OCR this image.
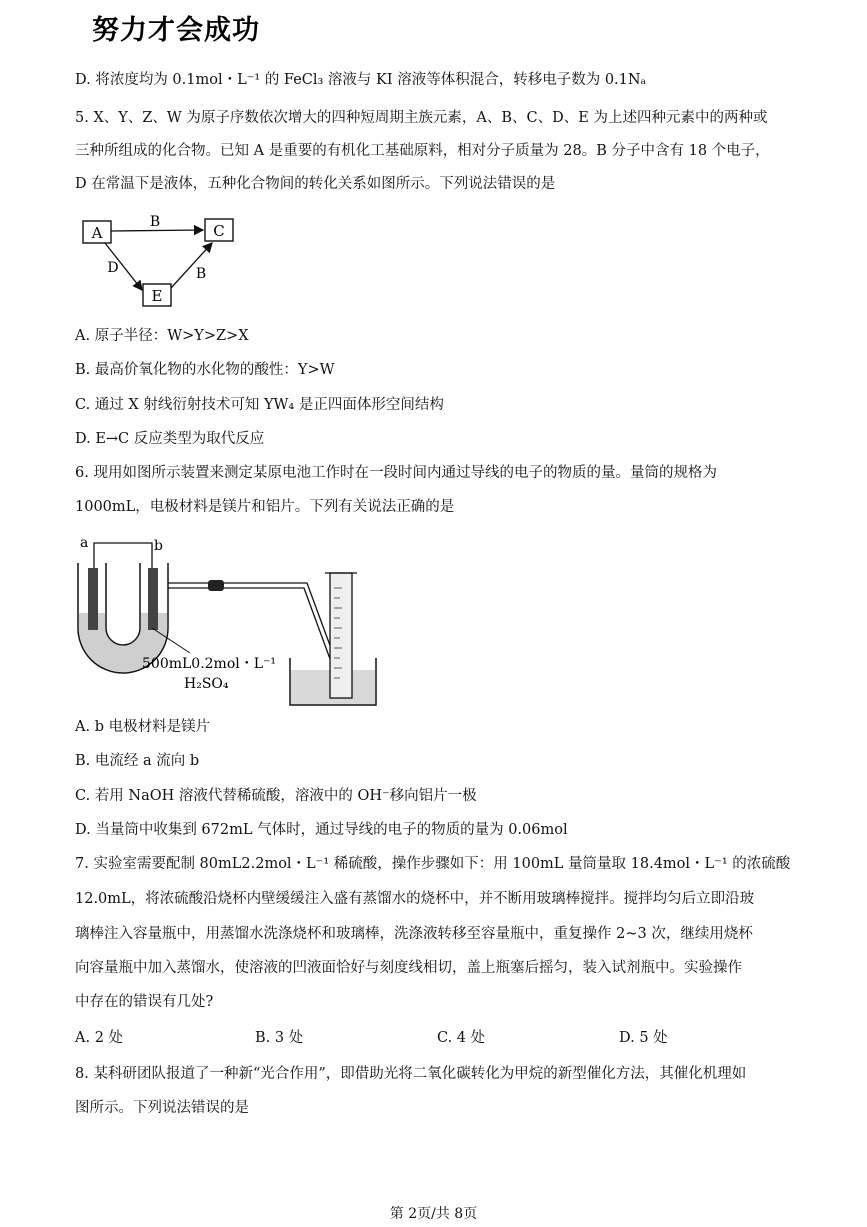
努力才会成功
D. 将浓度均为 0.1mol・L⁻¹ 的 FeCl₃ 溶液与 KI 溶液等体积混合，转移电子数为 0.1Nₐ
5. X、Y、Z、W 为原子序数依次增大的四种短周期主族元素，A、B、C、D、E 为上述四种元素中的两种或
三种所组成的化合物。已知 A 是重要的有机化工基础原料，相对分子质量为 28。B 分子中含有 18 个电子，
D 在常温下是液体，五种化合物间的转化关系如图所示。下列说法错误的是
A	C
E
B
D	B
A. 原子半径：W>Y>Z>X
B. 最高价氧化物的水化物的酸性：Y>W
C. 通过 X 射线衍射技术可知 YW₄ 是正四面体形空间结构
D. E→C 反应类型为取代反应
6. 现用如图所示装置来测定某原电池工作时在一段时间内通过导线的电子的物质的量。量筒的规格为
1000mL，电极材料是镁片和铝片。下列有关说法正确的是
a	b
500mL0.2mol・L⁻¹
H₂SO₄
A. b 电极材料是镁片
B. 电流经 a 流向 b
C. 若用 NaOH 溶液代替稀硫酸，溶液中的 OH⁻移向铝片一极
D. 当量筒中收集到 672mL 气体时，通过导线的电子的物质的量为 0.06mol
7. 实验室需要配制 80mL2.2mol・L⁻¹ 稀硫酸，操作步骤如下：用 100mL 量筒量取 18.4mol・L⁻¹ 的浓硫酸
12.0mL，将浓硫酸沿烧杯内壁缓缓注入盛有蒸馏水的烧杯中，并不断用玻璃棒搅拌。搅拌均匀后立即沿玻
璃棒注入容量瓶中，用蒸馏水洗涤烧杯和玻璃棒，洗涤液转移至容量瓶中，重复操作 2~3 次，继续用烧杯
向容量瓶中加入蒸馏水，使溶液的凹液面恰好与刻度线相切，盖上瓶塞后摇匀，装入试剂瓶中。实验操作
中存在的错误有几处?
A. 2 处	B. 3 处	C. 4 处	D. 5 处
8. 某科研团队报道了一种新“光合作用”，即借助光将二氧化碳转化为甲烷的新型催化方法，其催化机理如
图所示。下列说法错误的是
第 2页/共 8页
